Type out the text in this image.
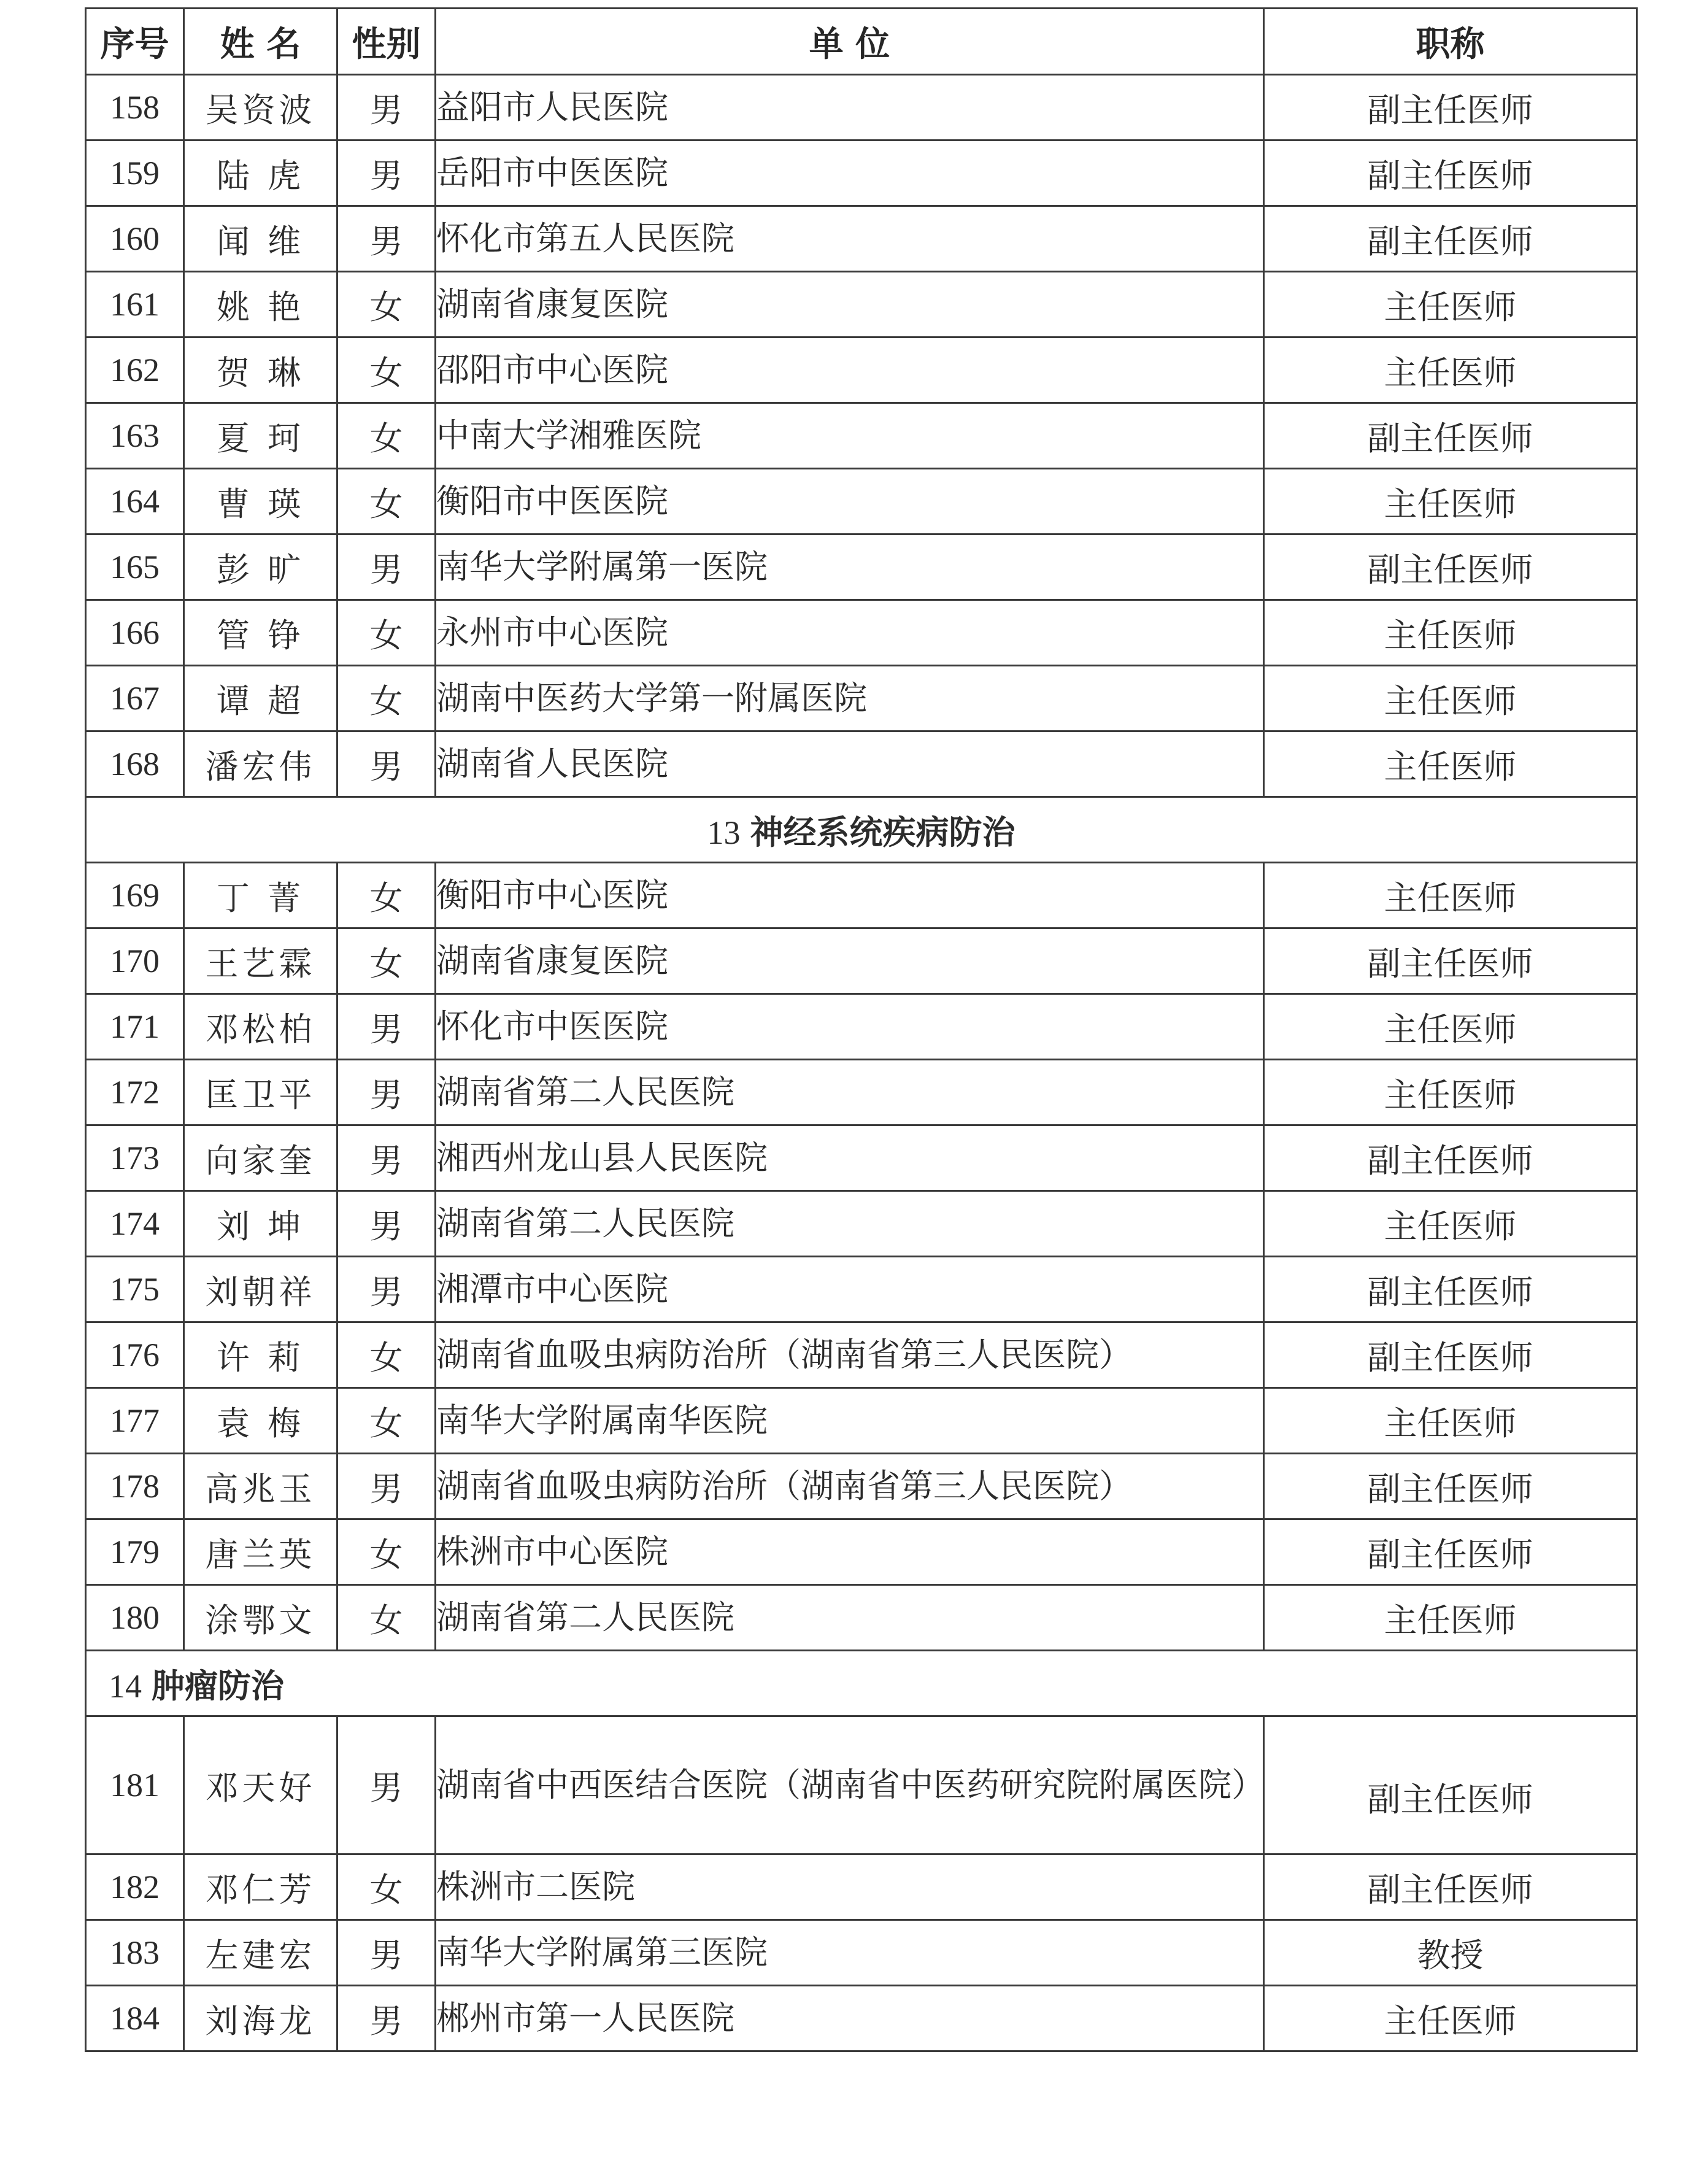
序号	姓 名	性别	单 位	职称
158	吴资波	男	益阳市人民医院	副主任医师
159	陆 虎	男	岳阳市中医医院	副主任医师
160	闻 维	男	怀化市第五人民医院	副主任医师
161	姚 艳	女	湖南省康复医院	主任医师
162	贺 琳	女	邵阳市中心医院	主任医师
163	夏 珂	女	中南大学湘雅医院	副主任医师
164	曹 瑛	女	衡阳市中医医院	主任医师
165	彭 旷	男	南华大学附属第一医院	副主任医师
166	管 铮	女	永州市中心医院	主任医师
167	谭 超	女	湖南中医药大学第一附属医院	主任医师
168	潘宏伟	男	湖南省人民医院	主任医师
13 神经系统疾病防治				
169	丁 菁	女	衡阳市中心医院	主任医师
170	王艺霖	女	湖南省康复医院	副主任医师
171	邓松柏	男	怀化市中医医院	主任医师
172	匡卫平	男	湖南省第二人民医院	主任医师
173	向家奎	男	湘西州龙山县人民医院	副主任医师
174	刘 坤	男	湖南省第二人民医院	主任医师
175	刘朝祥	男	湘潭市中心医院	副主任医师
176	许 莉	女	湖南省血吸虫病防治所（湖南省第三人民医院）	副主任医师
177	袁 梅	女	南华大学附属南华医院	主任医师
178	高兆玉	男	湖南省血吸虫病防治所（湖南省第三人民医院）	副主任医师
179	唐兰英	女	株洲市中心医院	副主任医师
180	涂鄂文	女	湖南省第二人民医院	主任医师
14 肿瘤防治				
181	邓天好	男	湖南省中西医结合医院（湖南省中医药研究院附属医院）	副主任医师
182	邓仁芳	女	株洲市二医院	副主任医师
183	左建宏	男	南华大学附属第三医院	教授
184	刘海龙	男	郴州市第一人民医院	主任医师
